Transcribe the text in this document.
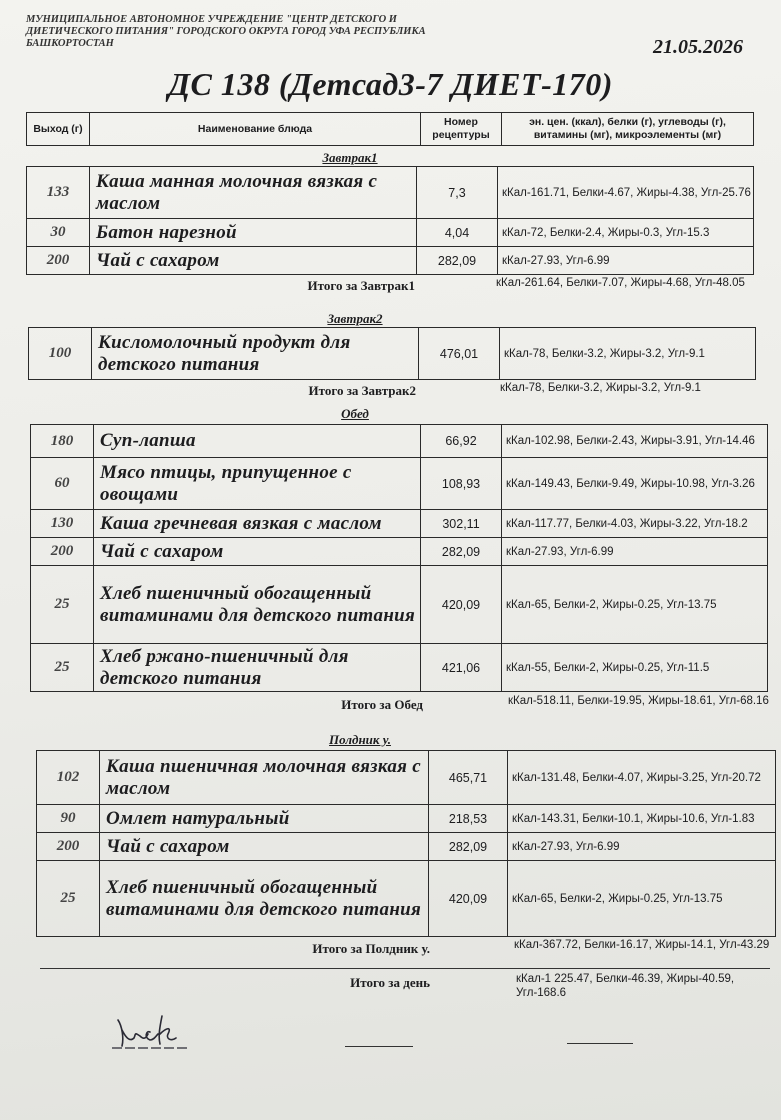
МУНИЦИПАЛЬНОЕ АВТОНОМНОЕ УЧРЕЖДЕНИЕ "ЦЕНТР ДЕТСКОГО И ДИЕТИЧЕСКОГО ПИТАНИЯ" ГОРОДСКОГО ОКРУГА ГОРОД УФА РЕСПУБЛИКА БАШКОРТОСТАН	21.05.2026
ДС 138 (Детсад3-7 ДИЕТ-170)
Выход (г)	Наименование блюда	Номер рецептуры	эн. цен. (ккал), белки (г), углеводы (г), витамины (мг), микроэлементы (мг)
Завтрак1
133	Каша манная молочная вязкая с маслом	7,3	кКал-161.71, Белки-4.67, Жиры-4.38, Угл-25.76
30	Батон нарезной	4,04	кКал-72, Белки-2.4, Жиры-0.3, Угл-15.3
200	Чай с сахаром	282,09	кКал-27.93, Угл-6.99
Итого за Завтрак1	кКал-261.64, Белки-7.07, Жиры-4.68, Угл-48.05
Завтрак2
100	Кисломолочный продукт для детского питания	476,01	кКал-78, Белки-3.2, Жиры-3.2, Угл-9.1
Итого за Завтрак2	кКал-78, Белки-3.2, Жиры-3.2, Угл-9.1
Обед
180	Суп-лапша	66,92	кКал-102.98, Белки-2.43, Жиры-3.91, Угл-14.46
60	Мясо птицы, припущенное с овощами	108,93	кКал-149.43, Белки-9.49, Жиры-10.98, Угл-3.26
130	Каша гречневая вязкая с маслом	302,11	кКал-117.77, Белки-4.03, Жиры-3.22, Угл-18.2
200	Чай с сахаром	282,09	кКал-27.93, Угл-6.99
25	Хлеб пшеничный обогащенный витаминами для детского питания	420,09	кКал-65, Белки-2, Жиры-0.25, Угл-13.75
25	Хлеб ржано-пшеничный для детского питания	421,06	кКал-55, Белки-2, Жиры-0.25, Угл-11.5
Итого за Обед	кКал-518.11, Белки-19.95, Жиры-18.61, Угл-68.16
Полдник у.
102	Каша пшеничная молочная вязкая с маслом	465,71	кКал-131.48, Белки-4.07, Жиры-3.25, Угл-20.72
90	Омлет натуральный	218,53	кКал-143.31, Белки-10.1, Жиры-10.6, Угл-1.83
200	Чай с сахаром	282,09	кКал-27.93, Угл-6.99
25	Хлеб пшеничный обогащенный витаминами для детского питания	420,09	кКал-65, Белки-2, Жиры-0.25, Угл-13.75
Итого за Полдник у.	кКал-367.72, Белки-16.17, Жиры-14.1, Угл-43.29
Итого за день	кКал-1 225.47, Белки-46.39, Жиры-40.59, Угл-168.6
